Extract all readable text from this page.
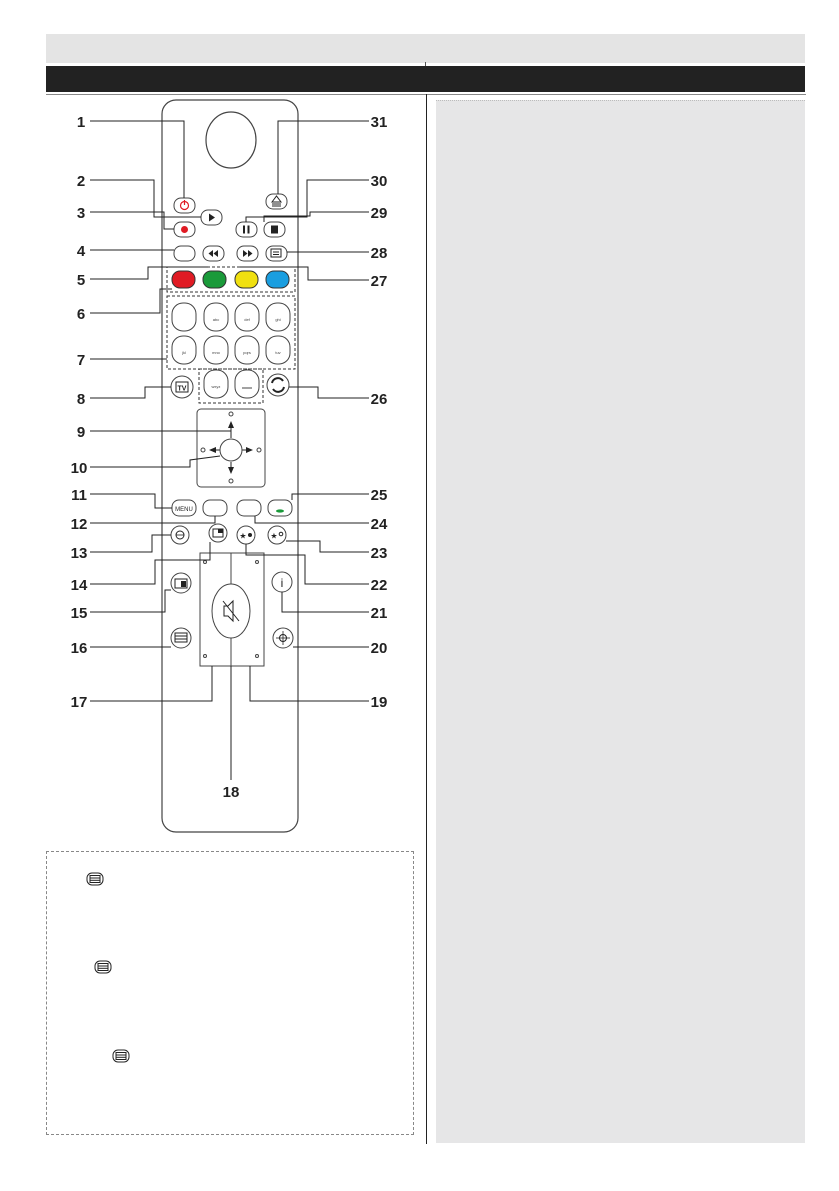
abc	def	ghi
jkl	mno	pqrs	tuv
wxyz
TV
MENU
★	★
i
1
2
3
4
5
6
7
8
9
10
11
12
13
14
15
16
17
18
19
20
21
22
23
24
25
26
27
28
29
30
31
